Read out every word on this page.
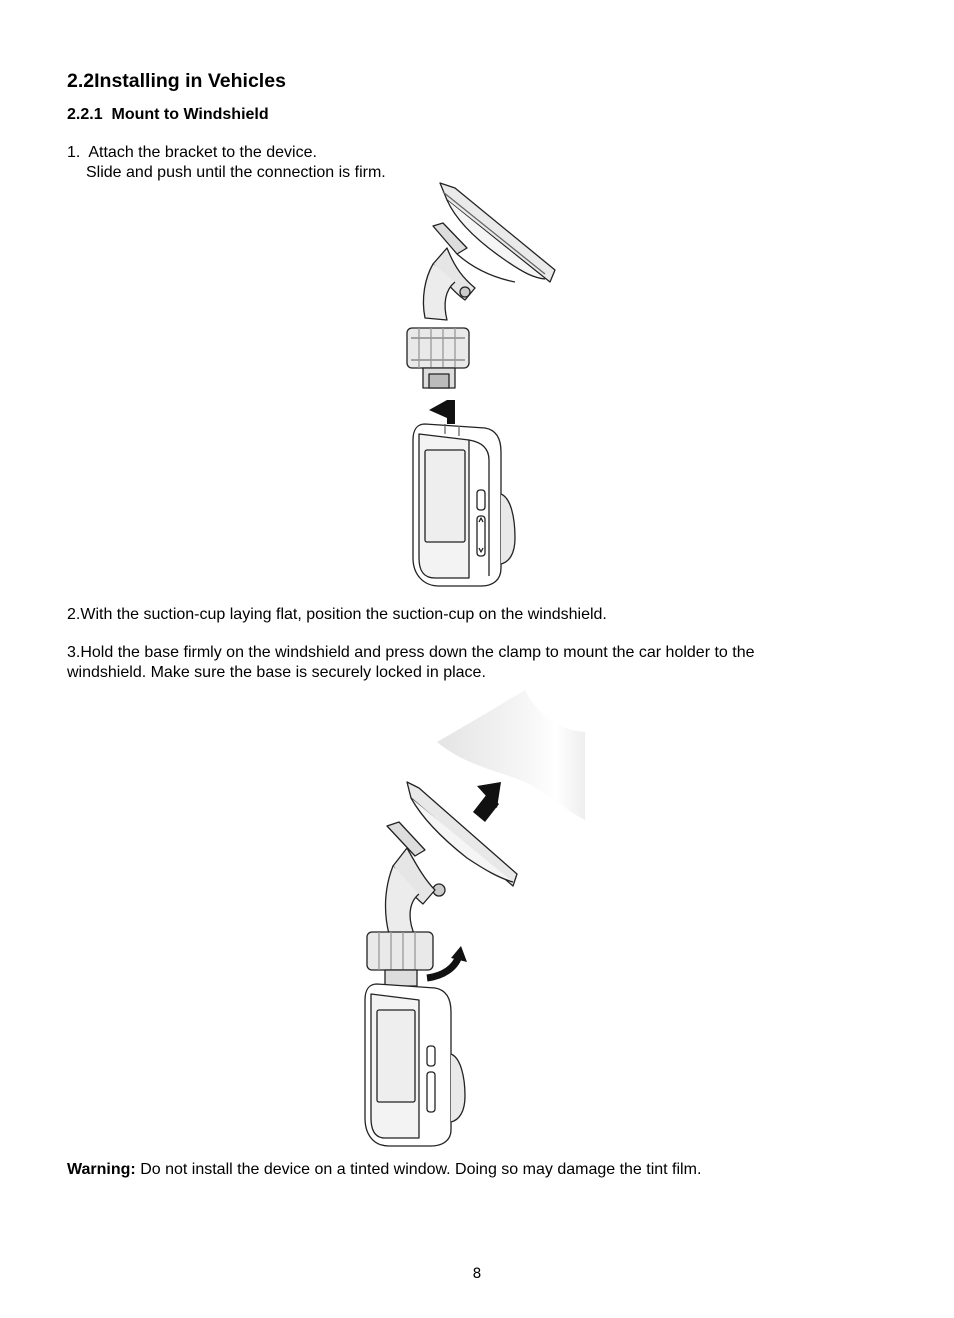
2.2Installing in Vehicles
2.2.1 Mount to Windshield
1. Attach the bracket to the device.
Slide and push until the connection is firm.
2.With the suction-cup laying flat, position the suction-cup on the windshield.
3.Hold the base firmly on the windshield and press down the clamp to mount the car holder to the
windshield. Make sure the base is securely locked in place.
Warning: Do not install the device on a tinted window. Doing so may damage the tint film.
8
